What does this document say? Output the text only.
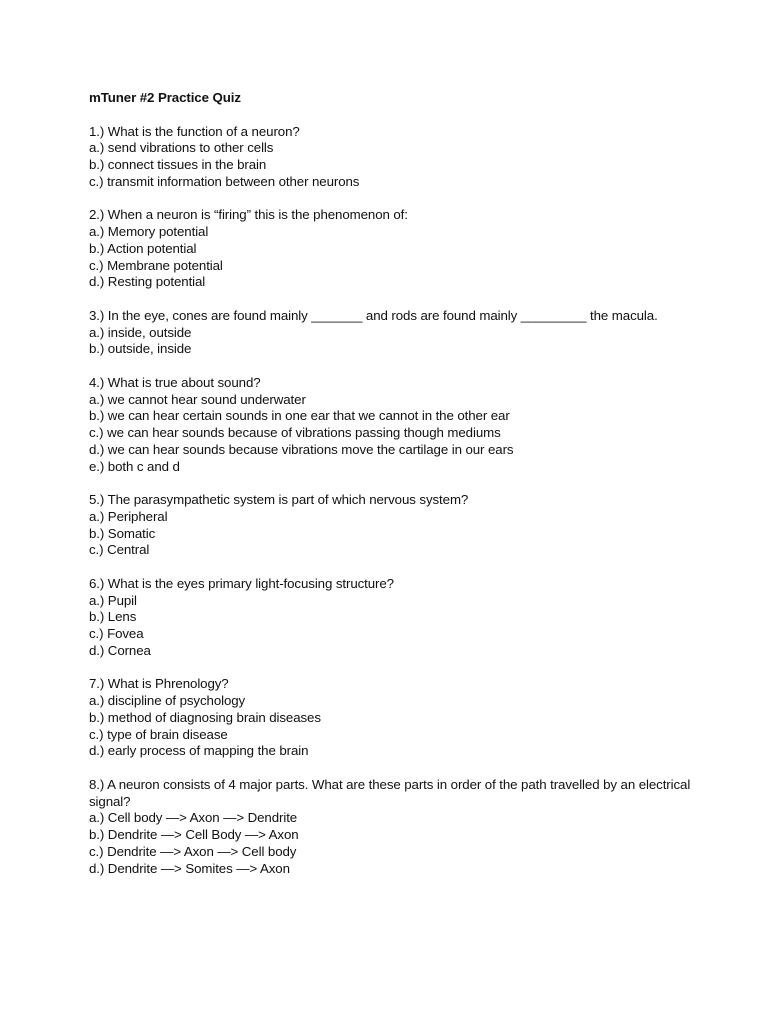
mTuner #2 Practice Quiz
1.) What is the function of a neuron?
a.) send vibrations to other cells
b.) connect tissues in the brain
c.) transmit information between other neurons
2.) When a neuron is “firing” this is the phenomenon of:
a.) Memory potential
b.) Action potential
c.) Membrane potential
d.) Resting potential
3.) In the eye, cones are found mainly _______ and rods are found mainly _________ the macula.
a.) inside, outside
b.) outside, inside
4.) What is true about sound?
a.) we cannot hear sound underwater
b.) we can hear certain sounds in one ear that we cannot in the other ear
c.) we can hear sounds because of vibrations passing though mediums
d.) we can hear sounds because vibrations move the cartilage in our ears
e.) both c and d
5.) The parasympathetic system is part of which nervous system?
a.) Peripheral
b.) Somatic
c.) Central
6.) What is the eyes primary light-focusing structure?
a.) Pupil
b.) Lens
c.) Fovea
d.) Cornea
7.) What is Phrenology?
a.) discipline of psychology
b.) method of diagnosing brain diseases
c.) type of brain disease
d.) early process of mapping the brain
8.) A neuron consists of 4 major parts. What are these parts in order of the path travelled by an electrical signal?
a.) Cell body —> Axon —> Dendrite
b.) Dendrite —> Cell Body —> Axon
c.) Dendrite —> Axon —> Cell body
d.) Dendrite —> Somites —> Axon
